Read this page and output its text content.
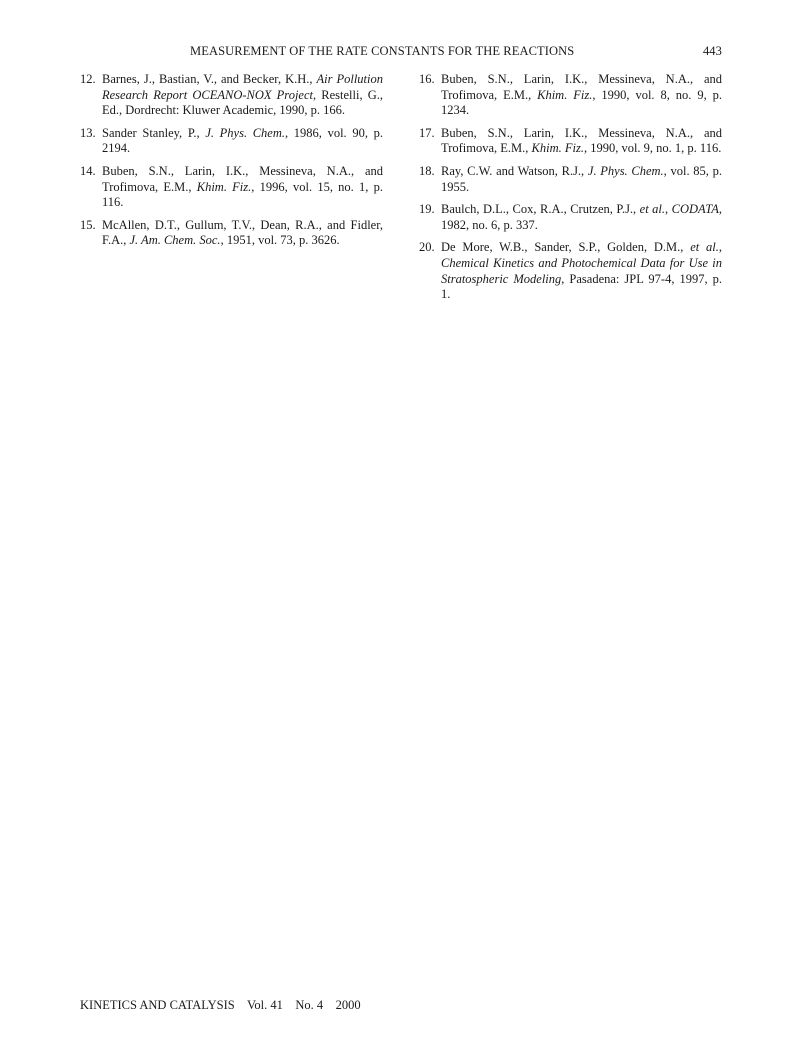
MEASUREMENT OF THE RATE CONSTANTS FOR THE REACTIONS	443
12. Barnes, J., Bastian, V., and Becker, K.H., Air Pollution Research Report OCEANO-NOX Project, Restelli, G., Ed., Dordrecht: Kluwer Academic, 1990, p. 166.
13. Sander Stanley, P., J. Phys. Chem., 1986, vol. 90, p. 2194.
14. Buben, S.N., Larin, I.K., Messineva, N.A., and Trofimova, E.M., Khim. Fiz., 1996, vol. 15, no. 1, p. 116.
15. McAllen, D.T., Gullum, T.V., Dean, R.A., and Fidler, F.A., J. Am. Chem. Soc., 1951, vol. 73, p. 3626.
16. Buben, S.N., Larin, I.K., Messineva, N.A., and Trofimova, E.M., Khim. Fiz., 1990, vol. 8, no. 9, p. 1234.
17. Buben, S.N., Larin, I.K., Messineva, N.A., and Trofimova, E.M., Khim. Fiz., 1990, vol. 9, no. 1, p. 116.
18. Ray, C.W. and Watson, R.J., J. Phys. Chem., vol. 85, p. 1955.
19. Baulch, D.L., Cox, R.A., Crutzen, P.J., et al., CODATA, 1982, no. 6, p. 337.
20. De More, W.B., Sander, S.P., Golden, D.M., et al., Chemical Kinetics and Photochemical Data for Use in Stratospheric Modeling, Pasadena: JPL 97-4, 1997, p. 1.
KINETICS AND CATALYSIS Vol. 41 No. 4 2000
